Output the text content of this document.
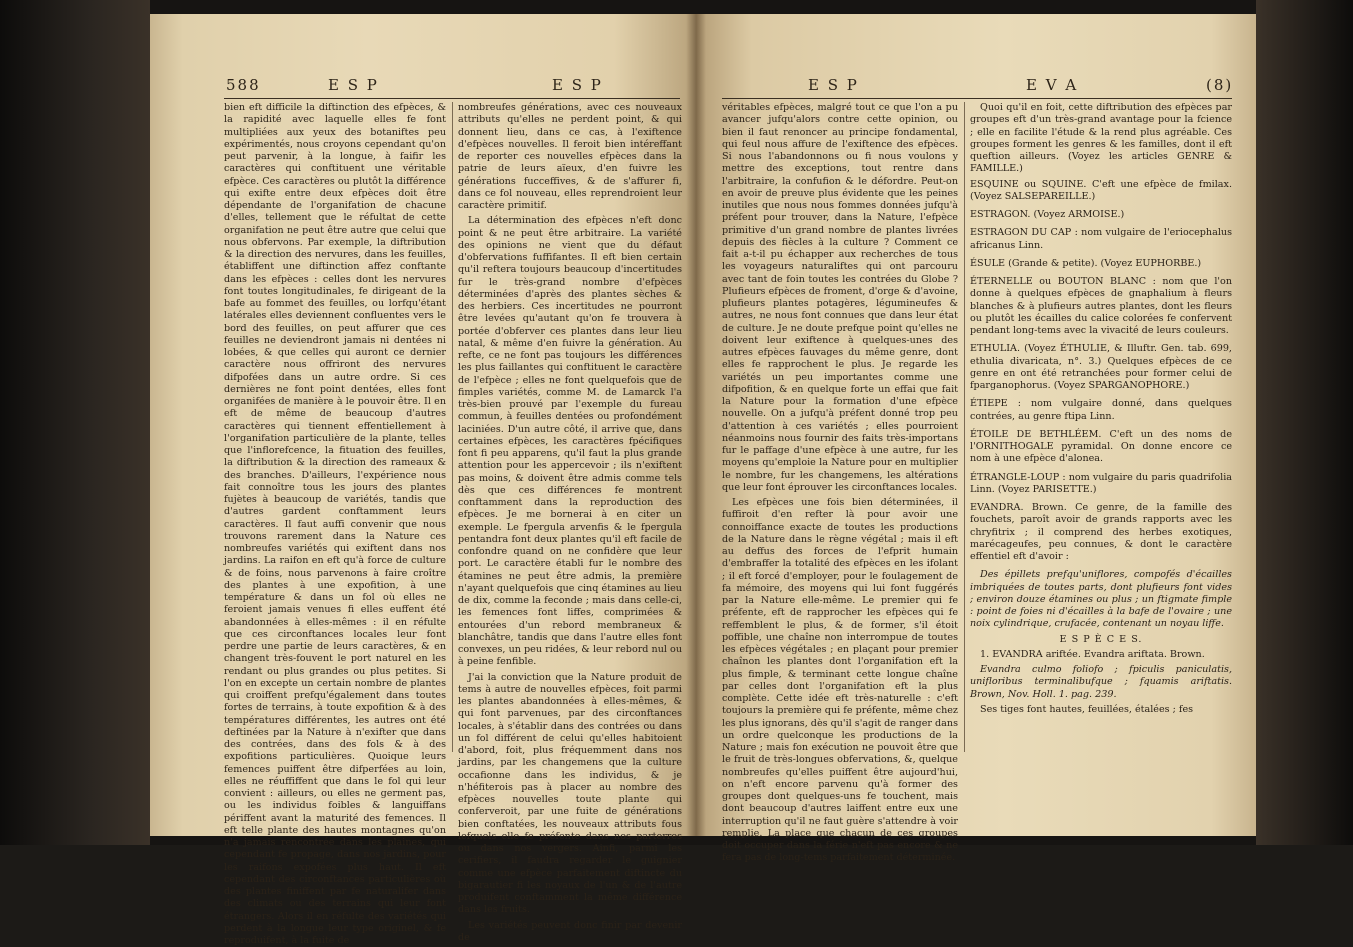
588	E S P	E S P

bien eft difficile la diftinction des efpèces, & la rapidité avec laquelle elles fe font multipliées aux yeux des botaniftes peu expérimentés, nous croyons cependant qu'on peut parvenir, à la longue, à faifir les caractères qui conftituent une véritable efpèce. Ces caractères ou plutôt la différence qui exifte entre deux efpèces doit être dépendante de l'organifation de chacune d'elles, tellement que le réfultat de cette organifation ne peut être autre que celui que nous obfervons. Par exemple, la diftribution & la direction des nervures, dans les feuilles, établiffent une diftinction affez conftante dans les efpèces : celles dont les nervures font toutes longitudinales, fe dirigeant de la bafe au fommet des feuilles, ou lorfqu'étant latérales elles deviennent confluentes vers le bord des feuilles, on peut affurer que ces feuilles ne deviendront jamais ni dentées ni lobées, & que celles qui auront ce dernier caractère nous offriront des nervures difpofées dans un autre ordre. Si ces dernières ne font point dentées, elles font organifées de manière à le pouvoir être. Il en eft de même de beaucoup d'autres caractères qui tiennent effentiellement à l'organifation particulière de la plante, telles que l'inflorefcence, la fituation des feuilles, la diftribution & la direction des rameaux & des branches. D'ailleurs, l'expérience nous fait connoître tous les jours des plantes fujètes à beaucoup de variétés, tandis que d'autres gardent conftamment leurs caractères. Il faut auffi convenir que nous trouvons rarement dans la Nature ces nombreufes variétés qui exiftent dans nos jardins. La raifon en eft qu'à force de culture & de foins, nous parvenons à faire croître des plantes à une expofition, à une température & dans un fol où elles ne feroient jamais venues fi elles euffent été abandonnées à elles-mêmes : il en réfulte que ces circonftances locales leur font perdre une partie de leurs caractères, & en changent très-fouvent le port naturel en les rendant ou plus grandes ou plus petites. Si l'on en excepte un certain nombre de plantes qui croiffent prefqu'également dans toutes fortes de terrains, à toute expofition & à des températures différentes, les autres ont été deftinées par la Nature à n'exifter que dans des contrées, dans des fols & à des expofitions particulières. Quoique leurs femences puiffent être difperfées au loin, elles ne réuffiffent que dans le fol qui leur convient : ailleurs, ou elles ne germent pas, ou les individus foibles & languiffans périffent avant la maturité des femences. Il eft telle plante des hautes montagnes qu'on n'a jamais rencontrée dans les plaines, qui cependant fe propage, dans nos jardins, pour les raifons expofées plus haut. Il eft cependant des circonftances particulières où des plantes finiffent par fe naturalifer dans des climats ou des terrains qui leur font étrangers. Alors il en réfulte des variétés qui perdent à la longue leur type originel, & fe reproduifent, à la fuite de

nombreufes générations, avec ces nouveaux attributs qu'elles ne perdent point, & qui donnent lieu, dans ce cas, à l'exiftence d'efpèces nouvelles. Il feroit bien intéreffant de reporter ces nouvelles efpèces dans la patrie de leurs aïeux, d'en fuivre les générations fucceffives, & de s'affurer fi, dans ce fol nouveau, elles reprendroient leur caractère primitif.

La détermination des efpèces n'eft donc point & ne peut être arbitraire. La variété des opinions ne vient que du défaut d'obfervations fuffifantes. Il eft bien certain qu'il reftera toujours beaucoup d'incertitudes fur le très-grand nombre d'efpèces déterminées d'après des plantes sèches & des herbiers. Ces incertitudes ne pourront être levées qu'autant qu'on fe trouvera à portée d'obferver ces plantes dans leur lieu natal, & même d'en fuivre la génération. Au refte, ce ne font pas toujours les différences les plus faillantes qui conftituent le caractère de l'efpèce ; elles ne font quelquefois que de fimples variétés, comme M. de Lamarck l'a très-bien prouvé par l'exemple du fureau commun, à feuilles dentées ou profondément laciniées. D'un autre côté, il arrive que, dans certaines efpèces, les caractères fpécifiques font fi peu apparens, qu'il faut la plus grande attention pour les appercevoir ; ils n'exiftent pas moins, & doivent être admis comme tels dès que ces différences fe montrent conftamment dans la reproduction des efpèces. Je me bornerai à en citer un exemple. Le fpergula arvenfis & le fpergula pentandra font deux plantes qu'il eft facile de confondre quand on ne confidère que leur port. Le caractère établi fur le nombre des étamines ne peut être admis, la première n'ayant quelquefois que cinq étamines au lieu de dix, comme la feconde ; mais dans celle-ci, les femences font liffes, comprimées & entourées d'un rebord membraneux & blanchâtre, tandis que dans l'autre elles font convexes, un peu ridées, & leur rebord nul ou à peine fenfible.

J'ai la conviction que la Nature produit de tems à autre de nouvelles efpèces, foit parmi les plantes abandonnées à elles-mêmes, & qui font parvenues, par des circonftances locales, à s'établir dans des contrées ou dans un fol différent de celui qu'elles habitoient d'abord, foit, plus fréquemment dans nos jardins, par les changemens que la culture occafionne dans les individus, & je n'héfiterois pas à placer au nombre des efpèces nouvelles toute plante qui conferveroit, par une fuite de générations bien conftatées, les nouveaux attributs fous lefquels elle fe préfente dans nos parterres ou dans nos vergers. Ainfi, parmi les cerifiers, il faudra regarder le guignier comme une efpèce parfaitement diftincte du bigarautier fi les noyaux de l'un & de l'autre produifent conftamment la même différence dans les fruits.

Les variétés peuvent donc finir par devenir de

E S P	E V A	(8)

véritables efpèces, malgré tout ce que l'on a pu avancer jufqu'alors contre cette opinion, ou bien il faut renoncer au principe fondamental, qui feul nous affure de l'exiftence des efpèces. Si nous l'abandonnons ou fi nous voulons y mettre des exceptions, tout rentre dans l'arbitraire, la confufion & le défordre. Peut-on en avoir de preuve plus évidente que les peines inutiles que nous nous fommes données jufqu'à préfent pour trouver, dans la Nature, l'efpèce primitive d'un grand nombre de plantes livrées depuis des fiècles à la culture ? Comment ce fait a-t-il pu échapper aux recherches de tous les voyageurs naturaliftes qui ont parcouru avec tant de foin toutes les contrées du Globe ? Plufieurs efpèces de froment, d'orge & d'avoine, plufieurs plantes potagères, légumineufes & autres, ne nous font connues que dans leur état de culture. Je ne doute prefque point qu'elles ne doivent leur exiftence à quelques-unes des autres efpèces fauvages du même genre, dont elles fe rapprochent le plus. Je regarde les variétés un peu importantes comme une difpofition, & en quelque forte un effai que fait la Nature pour la formation d'une efpèce nouvelle. On a jufqu'à préfent donné trop peu d'attention à ces variétés ; elles pourroient néanmoins nous fournir des faits très-importans fur le paffage d'une efpèce à une autre, fur les moyens qu'emploie la Nature pour en multiplier le nombre, fur les changemens, les altérations que leur font éprouver les circonftances locales.

Les efpèces une fois bien déterminées, il fuffiroit d'en refter là pour avoir une connoiffance exacte de toutes les productions de la Nature dans le règne végétal ; mais il eft au deffus des forces de l'efprit humain d'embraffer la totalité des efpèces en les ifolant ; il eft forcé d'employer, pour le foulagement de fa mémoire, des moyens qui lui font fuggérés par la Nature elle-même. Le premier qui fe préfente, eft de rapprocher les efpèces qui fe reffemblent le plus, & de former, s'il étoit poffible, une chaîne non interrompue de toutes les efpèces végétales ; en plaçant pour premier chaînon les plantes dont l'organifation eft la plus fimple, & terminant cette longue chaîne par celles dont l'organifation eft la plus complète. Cette idée eft très-naturelle : c'eft toujours la première qui fe préfente, même chez les plus ignorans, dès qu'il s'agit de ranger dans un ordre quelconque les productions de la Nature ; mais fon exécution ne pouvoit être que le fruit de très-longues obfervations, &, quelque nombreufes qu'elles puiffent être aujourd'hui, on n'eft encore parvenu qu'à former des groupes dont quelques-uns fe touchent, mais dont beaucoup d'autres laiffent entre eux une interruption qu'il ne faut guère s'attendre à voir remplie. La place que chacun de ces groupes doit occuper dans la férie n'eft pas encore & ne fera pas de long-tems parfaitement déterminée.

Quoi qu'il en foit, cette diftribution des efpèces par groupes eft d'un très-grand avantage pour la fcience ; elle en facilite l'étude & la rend plus agréable. Ces groupes forment les genres & les familles, dont il eft queftion ailleurs. (Voyez les articles GENRE & FAMILLE.)

ESQUINE ou SQUINE. C'eft une efpèce de fmilax. (Voyez SALSEPAREILLE.)

ESTRAGON. (Voyez ARMOISE.)

ESTRAGON DU CAP : nom vulgaire de l'eriocephalus africanus Linn.

ÉSULE (Grande & petite). (Voyez EUPHORBE.)

ÉTERNELLE ou BOUTON BLANC : nom que l'on donne à quelques efpèces de gnaphalium à fleurs blanches & à plufieurs autres plantes, dont les fleurs ou plutôt les écailles du calice colorées fe confervent pendant long-tems avec la vivacité de leurs couleurs.

ETHULIA. (Voyez ÉTHULIE, & Illuftr. Gen. tab. 699, ethulia divaricata, n°. 3.) Quelques efpèces de ce genre en ont été retranchées pour former celui de fparganophorus. (Voyez SPARGANOPHORE.)

ÉTIEPE : nom vulgaire donné, dans quelques contrées, au genre ftipa Linn.

ÉTOILE DE BETHLÉEM. C'eft un des noms de l'ORNITHOGALE pyramidal. On donne encore ce nom à une efpèce d'alonea.

ÉTRANGLE-LOUP : nom vulgaire du paris quadrifolia Linn. (Voyez PARISETTE.)

EVANDRA. Brown. Ce genre, de la famille des fouchets, paroît avoir de grands rapports avec les chryfitrix ; il comprend des herbes exotiques, marécageufes, peu connues, & dont le caractère effentiel eft d'avoir :

Des épillets prefqu'uniflores, compofés d'écailles imbriquées de toutes parts, dont plufieurs font vides ; environ douze étamines ou plus ; un ftigmate fimple : point de foies ni d'écailles à la bafe de l'ovaire ; une noix cylindrique, crufacée, contenant un noyau liffe.

E S P È C E S.

1. EVANDRA ariftée. Evandra ariftata. Brown.

Evandra culmo foliofo ; fpiculis paniculatis, unifloribus terminalibufque ; fquamis ariftatis. Brown, Nov. Holl. 1. pag. 239.

Ses tiges font hautes, feuillées, étalées ; fes
